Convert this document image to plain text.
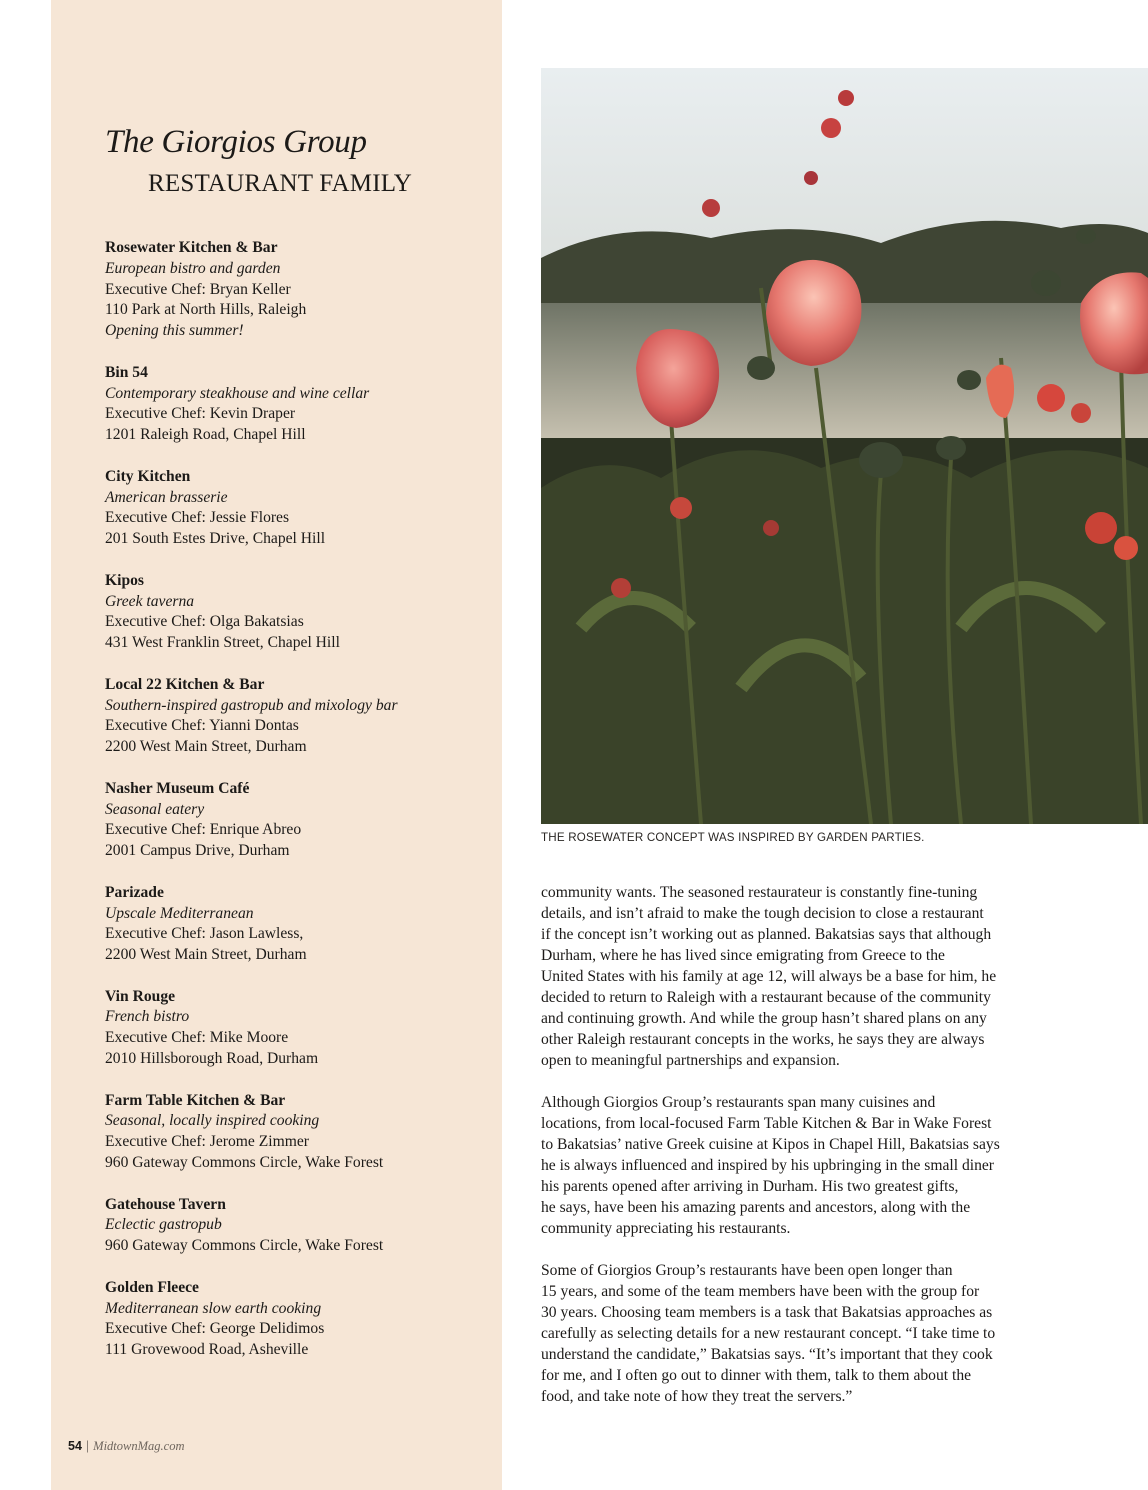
The Giorgios Group
RESTAURANT FAMILY
Rosewater Kitchen & Bar
European bistro and garden
Executive Chef: Bryan Keller
110 Park at North Hills, Raleigh
Opening this summer!
Bin 54
Contemporary steakhouse and wine cellar
Executive Chef: Kevin Draper
1201 Raleigh Road, Chapel Hill
City Kitchen
American brasserie
Executive Chef: Jessie Flores
201 South Estes Drive, Chapel Hill
Kipos
Greek taverna
Executive Chef: Olga Bakatsias
431 West Franklin Street, Chapel Hill
Local 22 Kitchen & Bar
Southern-inspired gastropub and mixology bar
Executive Chef: Yianni Dontas
2200 West Main Street, Durham
Nasher Museum Café
Seasonal eatery
Executive Chef: Enrique Abreo
2001 Campus Drive, Durham
Parizade
Upscale Mediterranean
Executive Chef: Jason Lawless,
2200 West Main Street, Durham
Vin Rouge
French bistro
Executive Chef: Mike Moore
2010 Hillsborough Road, Durham
Farm Table Kitchen & Bar
Seasonal, locally inspired cooking
Executive Chef: Jerome Zimmer
960 Gateway Commons Circle, Wake Forest
Gatehouse Tavern
Eclectic gastropub
960 Gateway Commons Circle, Wake Forest
Golden Fleece
Mediterranean slow earth cooking
Executive Chef: George Delidimos
111 Grovewood Road, Asheville
54 | MidtownMag.com
THE ROSEWATER CONCEPT WAS INSPIRED BY GARDEN PARTIES.

community wants. The seasoned restaurateur is constantly fine-tuning
details, and isn’t afraid to make the tough decision to close a restaurant
if the concept isn’t working out as planned. Bakatsias says that although
Durham, where he has lived since emigrating from Greece to the
United States with his family at age 12, will always be a base for him, he
decided to return to Raleigh with a restaurant because of the community
and continuing growth. And while the group hasn’t shared plans on any
other Raleigh restaurant concepts in the works, he says they are always
open to meaningful partnerships and expansion.

Although Giorgios Group’s restaurants span many cuisines and
locations, from local-focused Farm Table Kitchen & Bar in Wake Forest
to Bakatsias’ native Greek cuisine at Kipos in Chapel Hill, Bakatsias says
he is always influenced and inspired by his upbringing in the small diner
his parents opened after arriving in Durham. His two greatest gifts,
he says, have been his amazing parents and ancestors, along with the
community appreciating his restaurants.

Some of Giorgios Group’s restaurants have been open longer than
15 years, and some of the team members have been with the group for
30 years. Choosing team members is a task that Bakatsias approaches as
carefully as selecting details for a new restaurant concept. “I take time to
understand the candidate,” Bakatsias says. “It’s important that they cook
for me, and I often go out to dinner with them, talk to them about the
food, and take note of how they treat the servers.”
